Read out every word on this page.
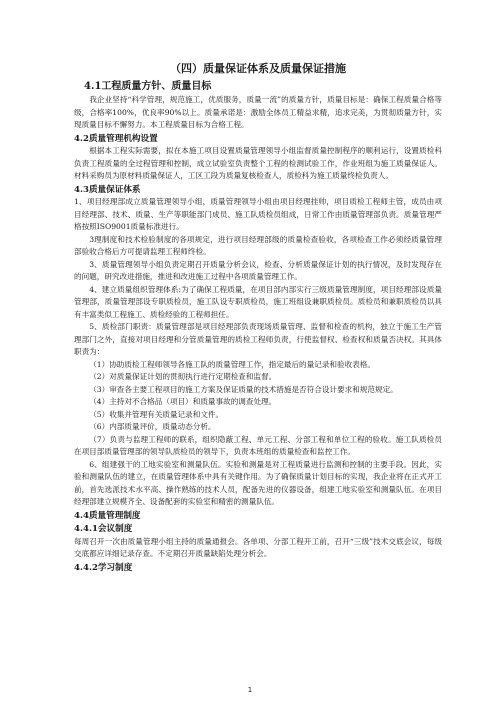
（四）质量保证体系及质量保证措施
4.1工程质量方针、质量目标

我企业坚持“科学管理，规范施工，优质服务，质量一流”的质量方针，质量目标是：确保工程质量合格等级，合格率100%，优良率90%以上。质量承诺是：激励全体员工精益求精，追求完美，为贯彻质量方针，实现质量目标不懈努力。本工程质量目标为合格工程。

4.2质量管理机构设置

根据本工程实际需要，拟在本施工项目设置质量管理领导小组监督质量控制程序的顺利运行，设置质检科负责工程质量的全过程管理和控制，成立试验室负责整个工程的检测试验工作，作业班组为施工质量保证人。材料采购员为原材料质量保证人，工区工段为质量复核检查人，质检科为施工质量终检负责人。

4.3质量保证体系

1、项目经理部成立质量管理领导小组，质量管理领导小组由项目经理挂帅，项目质检工程师主管，成员由项目经理部、技术、质量、生产等职能部门成员、施工队质检员组成，日常工作由质量管理部负责。质量管理严格按照ISO9001质量标准进行。

3理制度和技术检验制度的各项规定，进行项目经理部级的质量检查验收，各项检查工作必须经质量管理部验收合格后方可提请监理工程师终检。

3、质量管理领导小组负责定期召开质量分析会议，检查、分析质量保证计划的执行情况，及时发现存在的问题，研究改进措施，推进和改进施工过程中各项质量管理工作。

4、建立质量组织管理体系:为了确保工程质量，在项目部内部实行三级质量管理制度，项目经理部设质量管理部，质量管理部设专职质检员，施工队设专职质检员，施工班组设兼职质检员。质检员和兼职质检员以具有丰富类似工程施工、质检经验的工程师担任。

5、质检部门职责：质量管理部是项目经理部负责现场质量管理、监督和检查的机构，独立于施工生产管理部门之外，直接对项目经理和分管质量管理的质检工程师负责，行使监督权、检查权和质量否决权。其具体职责为：

（1）协助质检工程师领导各施工队的质量管理工作，指定最后的量记录和验收表格。

（2）对质量保证计划的贯彻执行进行定期检查和监督。

（3）审查各主要工程项目的施工方案及保证质量的技术措施是否符合设计要求和规范规定。

（4）主持对不合格品（项目）和质量事故的调查处理。

（5）收集并管理有关质量记录和文件。

（6）内部质量评价，质量动态分析。

（7）负责与监理工程师的联系，组织隐蔽工程、单元工程、分部工程和单位工程的验收。施工队质检员在项目部质量管理部的领导队质检员的领导下，负责本班组的质量检查和监控工作。

6、组建强干的工地实验室和测量队伍。实验和测量是对工程质量进行监测和控制的主要手段。因此，实验和测量队伍的建立，在质量管理体系中具有关键作用。为了确保质量计划目标的实现，我企业将在正式开工前，首先选派技术水平高、操作熟练的技术人员，配备先进的仪器设备，组建工地实验室和测量队伍。在项目经理部建立规模齐全、设备配套的实验室和精密的测量队伍。

4.4质量管理制度
4.4.1会议制度

每周召开一次由质量管理小组主持的质量通报会。各单项、分部工程开工前，召开“三级”技术交底会议，每级交底都应详细记录存查。不定期召开质量缺陷处理分析会。

4.4.2学习制度
1
